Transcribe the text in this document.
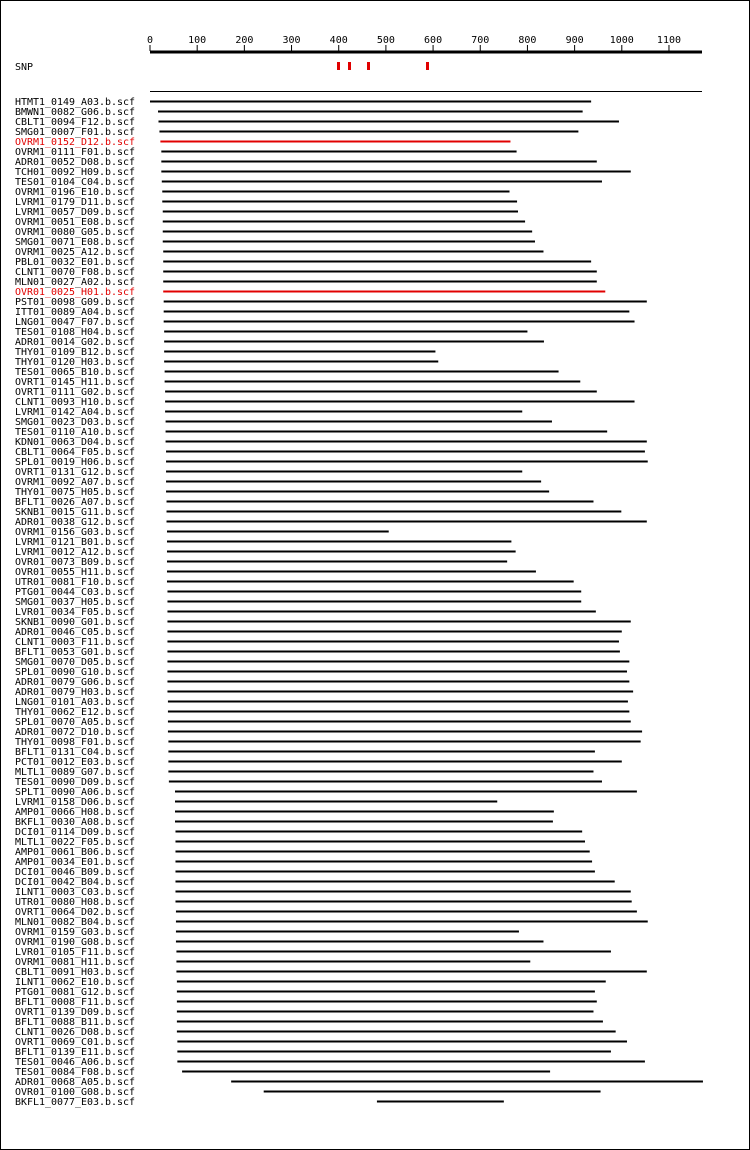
0	100	200	300	400	500	600	700	800	900	1000 1100
SNP
HTMT1_0149_A03.b.scf
BMWN1_0082_G06.b.scf
CBLT1_0094_F12.b.scf
SMG01_0007_F01.b.scf
OVRM1_0152_D12.b.scf
OVRM1_0111_F01.b.scf
ADR01_0052_D08.b.scf
TCH01_0092_H09.b.scf
TES01_0104_C04.b.scf
OVRM1_0196_E10.b.scf
LVRM1_0179_D11.b.scf
LVRM1_0057_D09.b.scf
OVRM1_0051_E08.b.scf
OVRM1_0080_G05.b.scf
SMG01_0071_E08.b.scf
OVRM1_0025_A12.b.scf
PBL01_0032_E01.b.scf
CLNT1_0070_F08.b.scf
MLN01_0027_A02.b.scf
OVR01_0025_H01.b.scf
PST01_0098_G09.b.scf
ITT01_0089_A04.b.scf
LNG01_0047_F07.b.scf
TES01_0108_H04.b.scf
ADR01_0014_G02.b.scf
THY01_0109_B12.b.scf
THY01_0120_H03.b.scf
TES01_0065_B10.b.scf
OVRT1_0145_H11.b.scf
OVRT1_0111_G02.b.scf
CLNT1_0093_H10.b.scf
LVRM1_0142_A04.b.scf
SMG01_0023_D03.b.scf
TES01_0110_A10.b.scf
KDN01_0063_D04.b.scf
CBLT1_0064_F05.b.scf
SPL01_0019_H06.b.scf
OVRT1_0131_G12.b.scf
OVRM1_0092_A07.b.scf
THY01_0075_H05.b.scf
BFLT1_0026_A07.b.scf
SKNB1_0015_G11.b.scf
ADR01_0038_G12.b.scf
OVRM1_0156_G03.b.scf
LVRM1_0121_B01.b.scf
LVRM1_0012_A12.b.scf
OVR01_0073_B09.b.scf
OVR01_0055_H11.b.scf
UTR01_0081_F10.b.scf
PTG01_0044_C03.b.scf
SMG01_0037_H05.b.scf
LVR01_0034_F05.b.scf
SKNB1_0090_G01.b.scf
ADR01_0046_C05.b.scf
CLNT1_0003_F11.b.scf
BFLT1_0053_G01.b.scf
SMG01_0070_D05.b.scf
SPL01_0090_G10.b.scf
ADR01_0079_G06.b.scf
ADR01_0079_H03.b.scf
LNG01_0101_A03.b.scf
THY01_0062_E12.b.scf
SPL01_0070_A05.b.scf
ADR01_0072_D10.b.scf
THY01_0098_F01.b.scf
BFLT1_0131_C04.b.scf
PCT01_0012_E03.b.scf
MLTL1_0089_G07.b.scf
TES01_0090_D09.b.scf
SPLT1_0090_A06.b.scf
LVRM1_0158_D06.b.scf
AMP01_0066_H08.b.scf
BKFL1_0030_A08.b.scf
DCI01_0114_D09.b.scf
MLTL1_0022_F05.b.scf
AMP01_0061_B06.b.scf
AMP01_0034_E01.b.scf
DCI01_0046_B09.b.scf
DCI01_0042_B04.b.scf
ILNT1_0003_C03.b.scf
UTR01_0080_H08.b.scf
OVRT1_0064_D02.b.scf
MLN01_0082_B04.b.scf
OVRM1_0159_G03.b.scf
OVRM1_0190_G08.b.scf
LVR01_0105_F11.b.scf
OVRM1_0081_H11.b.scf
CBLT1_0091_H03.b.scf
ILNT1_0062_E10.b.scf
PTG01_0081_G12.b.scf
BFLT1_0008_F11.b.scf
OVRT1_0139_D09.b.scf
BFLT1_0088_B11.b.scf
CLNT1_0026_D08.b.scf
OVRT1_0069_C01.b.scf
BFLT1_0139_E11.b.scf
TES01_0046_A06.b.scf
TES01_0084_F08.b.scf
ADR01_0068_A05.b.scf
OVR01_0100_G08.b.scf
BKFL1_0077_E03.b.scf
